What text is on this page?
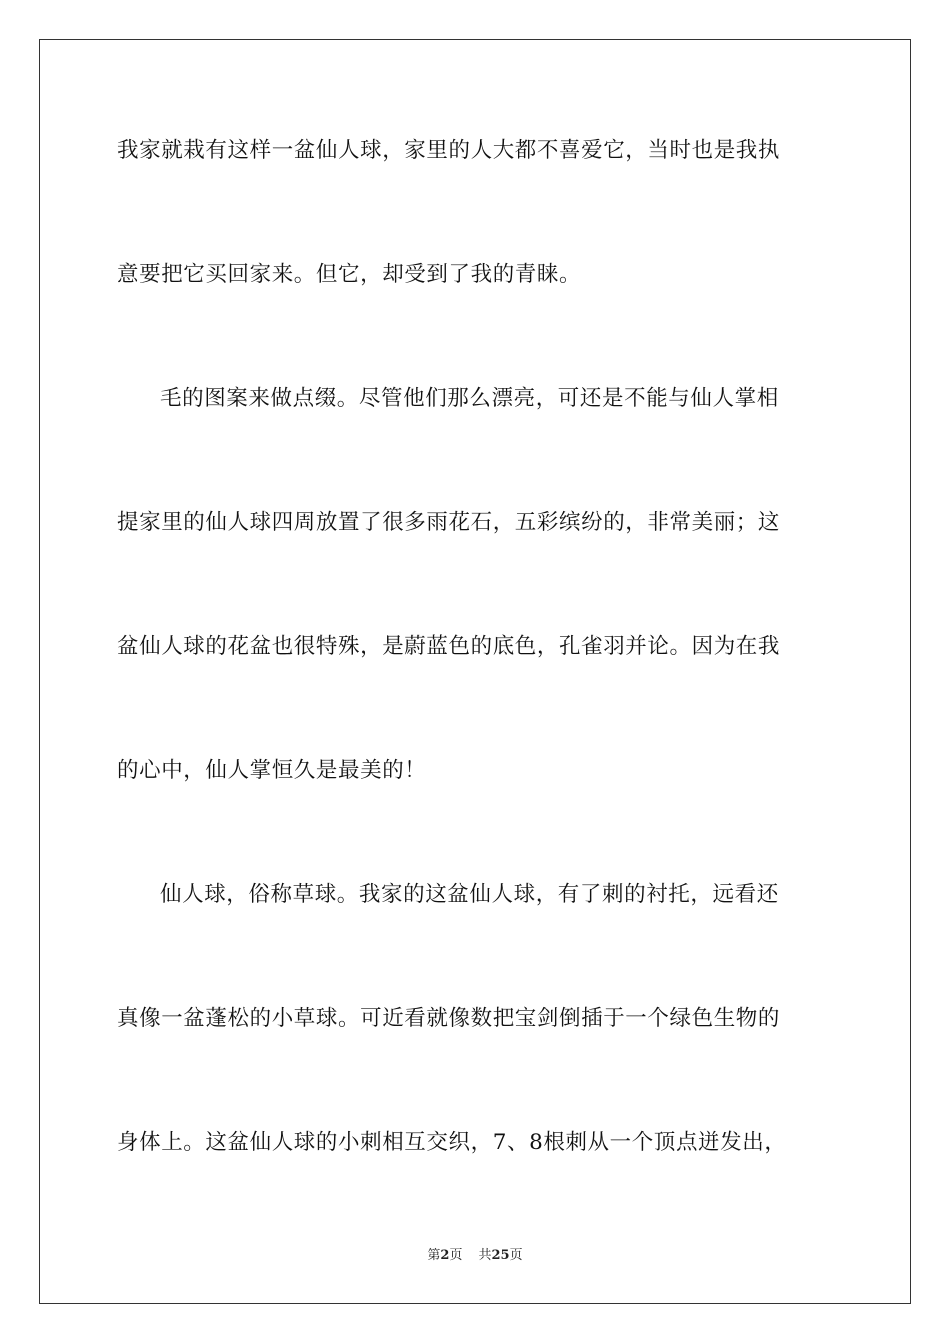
我家就栽有这样一盆仙人球，家里的人大都不喜爱它，当时也是我执
意要把它买回家来。但它，却受到了我的青睐。
毛的图案来做点缀。尽管他们那么漂亮，可还是不能与仙人掌相
提家里的仙人球四周放置了很多雨花石，五彩缤纷的，非常美丽；这
盆仙人球的花盆也很特殊，是蔚蓝色的底色，孔雀羽并论。因为在我
的心中，仙人掌恒久是最美的！
仙人球，俗称草球。我家的这盆仙人球，有了刺的衬托，远看还
真像一盆蓬松的小草球。可近看就像数把宝剑倒插于一个绿色生物的
身体上。这盆仙人球的小刺相互交织，7、8根刺从一个顶点迸发出，
第2页 共25页
